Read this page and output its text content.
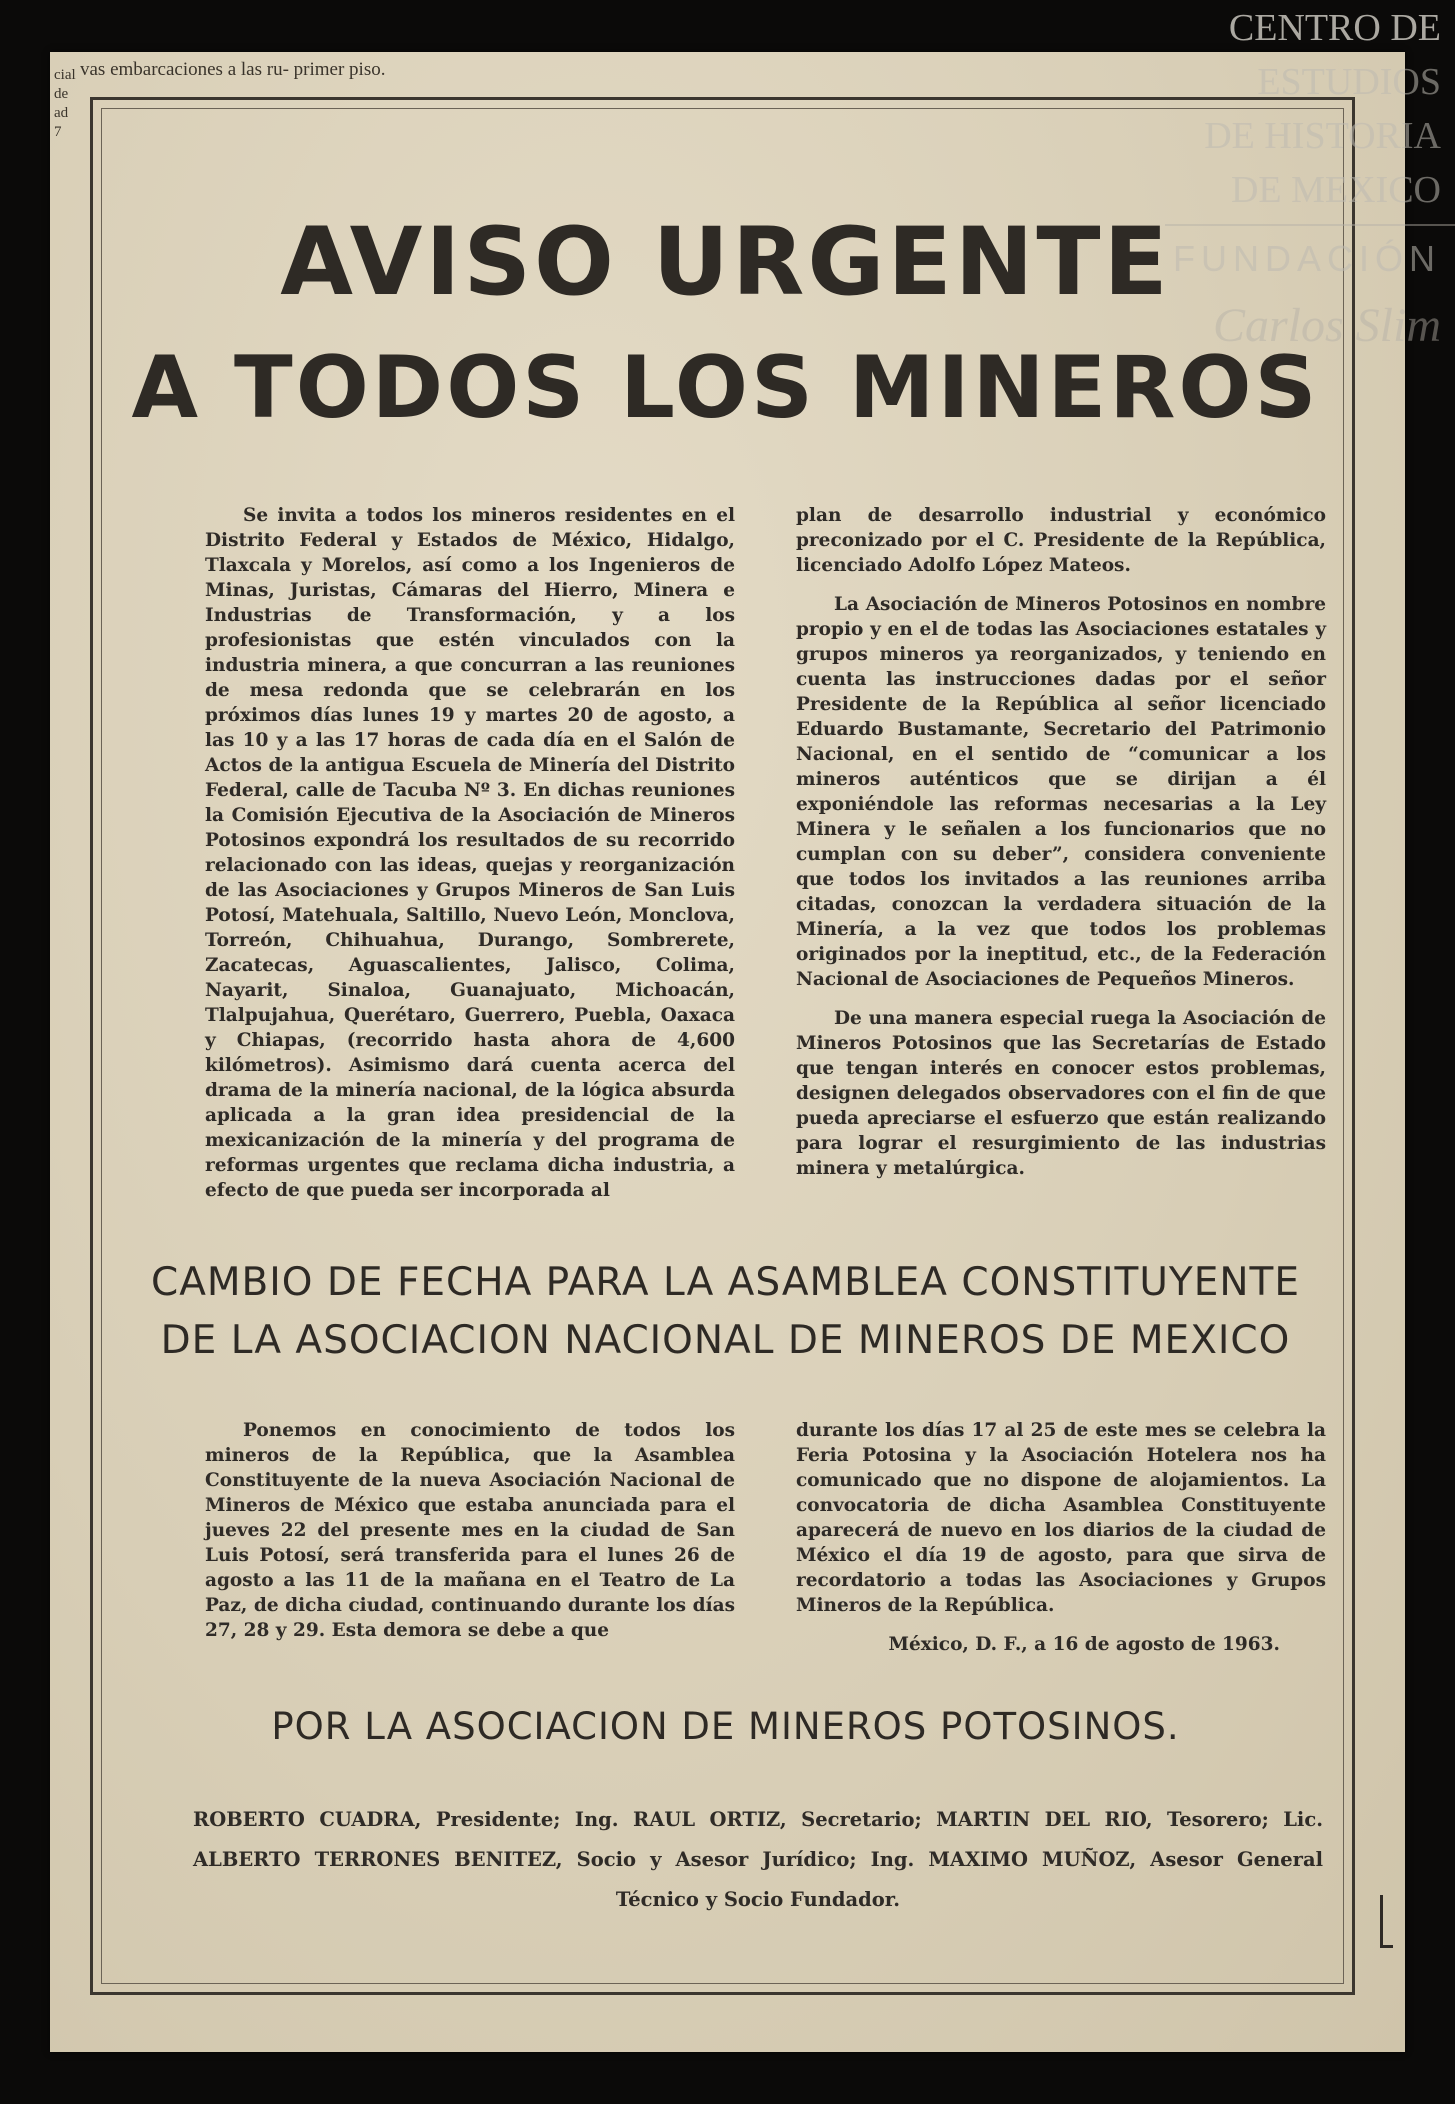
vas embarcaciones a las ru- primer piso.
cial
de
ad
7
AVISO URGENTE
A TODOS LOS MINEROS

Se invita a todos los mineros residentes en el Distrito Federal y Estados de México, Hidalgo, Tlaxcala y Morelos, así como a los Ingenieros de Minas, Juristas, Cámaras del Hierro, Minera e Industrias de Transformación, y a los profesionistas que estén vinculados con la industria minera, a que concurran a las reuniones de mesa redonda que se celebrarán en los próximos días lunes 19 y martes 20 de agosto, a las 10 y a las 17 horas de cada día en el Salón de Actos de la antigua Escuela de Minería del Distrito Federal, calle de Tacuba Nº 3. En dichas reuniones la Comisión Ejecutiva de la Asociación de Mineros Potosinos expondrá los resultados de su recorrido relacionado con las ideas, quejas y reorganización de las Asociaciones y Grupos Mineros de San Luis Potosí, Matehuala, Saltillo, Nuevo León, Monclova, Torreón, Chihuahua, Durango, Sombrerete, Zacatecas, Aguascalientes, Jalisco, Colima, Nayarit, Sinaloa, Guanajuato, Michoacán, Tlalpujahua, Querétaro, Guerrero, Puebla, Oaxaca y Chiapas, (recorrido hasta ahora de 4,600 kilómetros). Asimismo dará cuenta acerca del drama de la minería nacional, de la lógica absurda aplicada a la gran idea presidencial de la mexicanización de la minería y del programa de reformas urgentes que reclama dicha industria, a efecto de que pueda ser incorporada al

plan de desarrollo industrial y económico preconizado por el C. Presidente de la República, licenciado Adolfo López Mateos.

La Asociación de Mineros Potosinos en nombre propio y en el de todas las Asociaciones estatales y grupos mineros ya reorganizados, y teniendo en cuenta las instrucciones dadas por el señor Presidente de la República al señor licenciado Eduardo Bustamante, Secretario del Patrimonio Nacional, en el sentido de “comunicar a los mineros auténticos que se dirijan a él exponiéndole las reformas necesarias a la Ley Minera y le señalen a los funcionarios que no cumplan con su deber”, considera conveniente que todos los invitados a las reuniones arriba citadas, conozcan la verdadera situación de la Minería, a la vez que todos los problemas originados por la ineptitud, etc., de la Federación Nacional de Asociaciones de Pequeños Mineros.

De una manera especial ruega la Asociación de Mineros Potosinos que las Secretarías de Estado que tengan interés en conocer estos problemas, designen delegados observadores con el fin de que pueda apreciarse el esfuerzo que están realizando para lograr el resurgimiento de las industrias minera y metalúrgica.

CAMBIO DE FECHA PARA LA ASAMBLEA CONSTITUYENTE
DE LA ASOCIACION NACIONAL DE MINEROS DE MEXICO

Ponemos en conocimiento de todos los mineros de la República, que la Asamblea Constituyente de la nueva Asociación Nacional de Mineros de México que estaba anunciada para el jueves 22 del presente mes en la ciudad de San Luis Potosí, será transferida para el lunes 26 de agosto a las 11 de la mañana en el Teatro de La Paz, de dicha ciudad, continuando durante los días 27, 28 y 29. Esta demora se debe a que

durante los días 17 al 25 de este mes se celebra la Feria Potosina y la Asociación Hotelera nos ha comunicado que no dispone de alojamientos. La convocatoria de dicha Asamblea Constituyente aparecerá de nuevo en los diarios de la ciudad de México el día 19 de agosto, para que sirva de recordatorio a todas las Asociaciones y Grupos Mineros de la República.

México, D. F., a 16 de agosto de 1963.

POR LA ASOCIACION DE MINEROS POTOSINOS.
ROBERTO CUADRA, Presidente; Ing. RAUL ORTIZ, Secretario; MARTIN DEL RIO, Tesorero; Lic. ALBERTO TERRONES BENITEZ, Socio y Asesor Jurídico; Ing. MAXIMO MUÑOZ, Asesor General Técnico y Socio Fundador.
CENTRO DE
ESTUDIOS
DE HISTORIA
DE MEXICO
FUNDACIÓN
Carlos Slim
